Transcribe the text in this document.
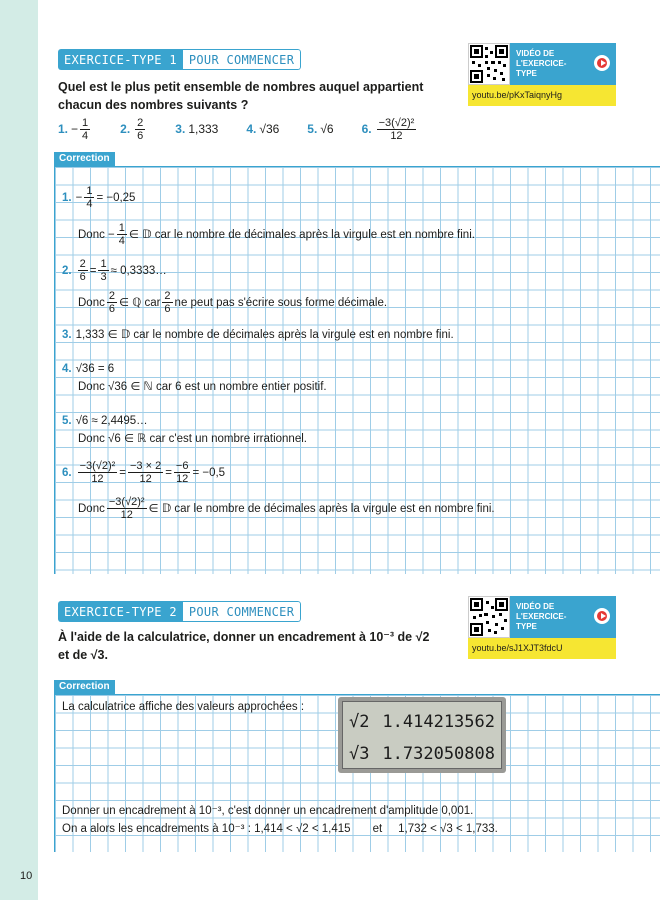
EXERCICE-TYPE 1	POUR COMMENCER	VIDÉO DE L'EXERCICE-TYPE
youtu.be/pKxTaiqnyHg
Quel est le plus petit ensemble de nombres auquel appartient
chacun des nombres suivants ?
1. − $\frac{1}{4}$	2. $\frac{2}{6}$	3. 1,333 4. √36 5. √6 6. $\frac{\text{−3(√2)²}}{12}$
Correction
1. − $\frac{1}{4} = -0,25$
Donc − $\frac{1}{4}$ ∈ 𝔻 car le nombre de décimales après la virgule est en nombre fini.
2. $\frac{2}{6} = \frac{1}{3}$ ≈ 0,3333…
Donc $\frac{2}{6}$ ∈ ℚ car $\frac{2}{6}$ ne peut pas s'écrire sous forme décimale.
3. 1,333 ∈ 𝔻 car le nombre de décimales après la virgule est en nombre fini.
4. √36 = 6
Donc √36 ∈ ℕ car 6 est un nombre entier positif.
5. √6 ≈ 2,4495…
Donc √6 ∈ ℝ car c'est un nombre irrationnel.
6. $\frac{\text{−3(√2)²}}{12} = \frac{-3 \times 2}{12} = \frac{-6}{12} = -0,5$
Donc $\frac{\text{−3(√2)²}}{12}$ ∈ 𝔻 car le nombre de décimales après la virgule est en nombre fini.
EXERCICE-TYPE 2	POUR COMMENCER	VIDÉO DE L'EXERCICE-TYPE
youtu.be/sJ1XJT3fdcU
À l'aide de la calculatrice, donner un encadrement à 10⁻³ de √2
et de √3.
Correction
La calculatrice affiche des valeurs approchées :
√2 1.414213562
√3 1.732050808
Donner un encadrement à 10⁻³, c'est donner un encadrement d'amplitude 0,001.
On a alors les encadrements à 10⁻³ : 1,414 < √2 < 1,415 et 1,732 < √3 < 1,733.
10
